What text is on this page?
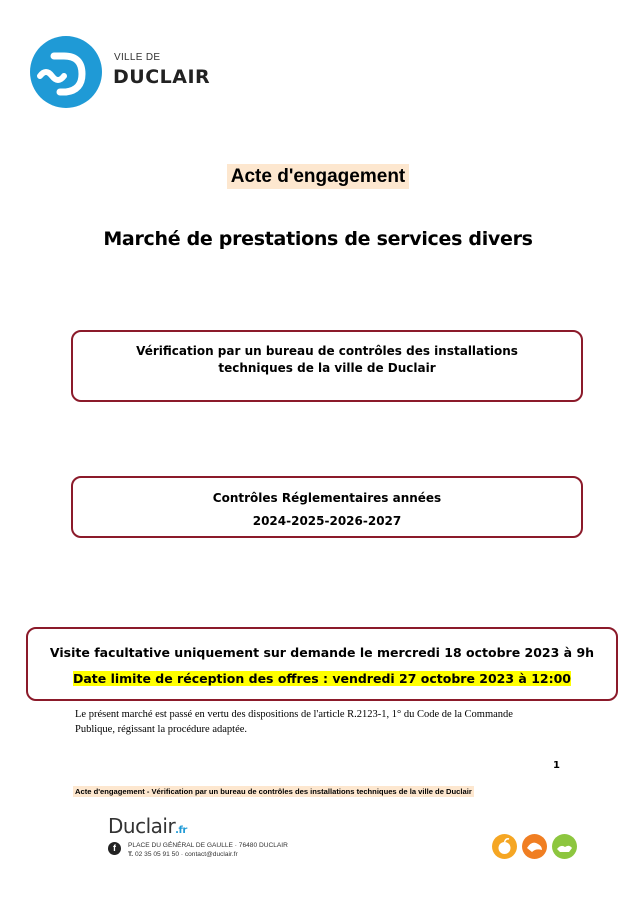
VILLE DE
DUCLAIR
Acte d'engagement
Marché de prestations de services divers
Vérification par un bureau de contrôles des installations
techniques de la ville de Duclair
Contrôles Réglementaires années
2024-2025-2026-2027
Visite facultative uniquement sur demande le mercredi 18 octobre 2023 à 9h
Date limite de réception des offres : vendredi 27 octobre 2023 à 12:00
Le présent marché est passé en vertu des dispositions de l'article R.2123-1, 1° du Code de la Commande
Publique, régissant la procédure adaptée.
1
Acte d'engagement - Vérification par un bureau de contrôles des installations techniques de la ville de Duclair
Duclair.fr
f	PLACE DU GÉNÉRAL DE GAULLE · 76480 DUCLAIR
T. 02 35 05 91 50 · contact@duclair.fr
